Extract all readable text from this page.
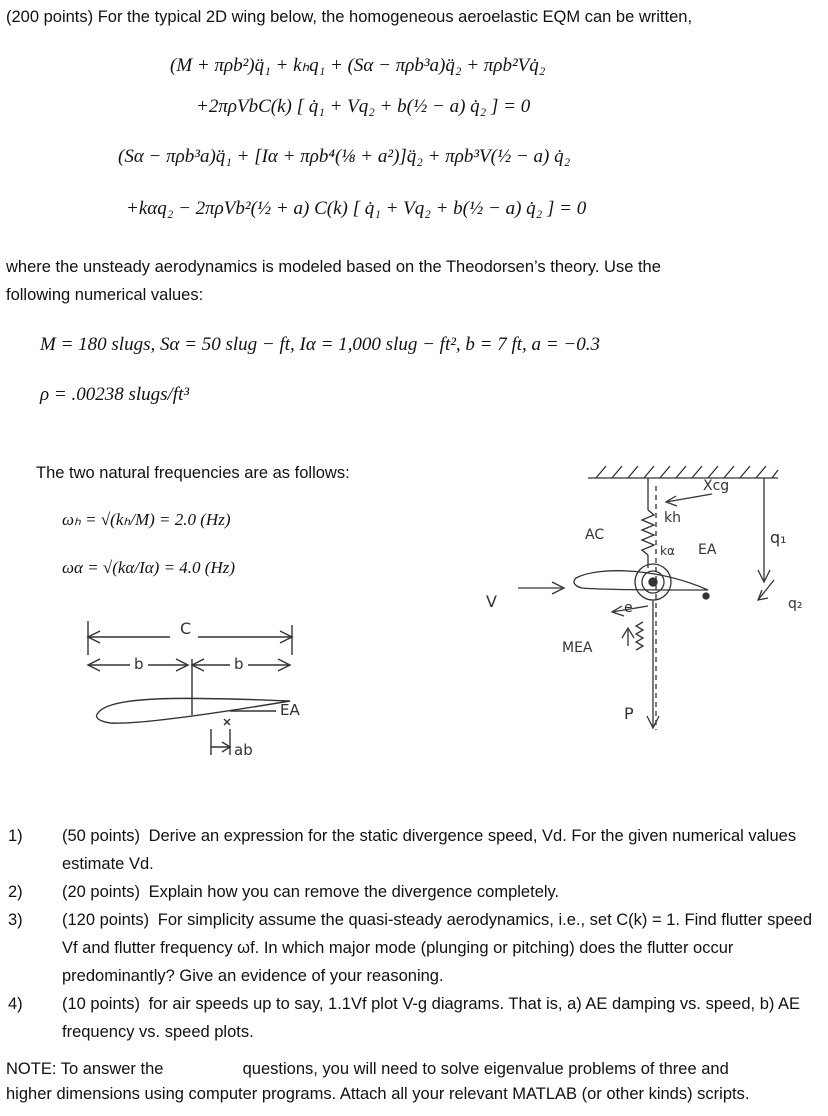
(200 points) For the typical 2D wing below, the homogeneous aeroelastic EQM can be written,
(M + πρb²)q̈₁ + kₕq₁ + (Sα − πρb³a)q̈₂ + πρb²Vq̇₂
+2πρVbC(k) [ q̇₁ + Vq₂ + b(½ − a) q̇₂ ] = 0
(Sα − πρb³a)q̈₁ + [Iα + πρb⁴(⅛ + a²)]q̈₂ + πρb³V(½ − a) q̇₂
+kαq₂ − 2πρVb²(½ + a) C(k) [ q̇₁ + Vq₂ + b(½ − a) q̇₂ ] = 0
where the unsteady aerodynamics is modeled based on the Theodorsen’s theory. Use the
following numerical values:
M = 180 slugs, Sα = 50 slug − ft, Iα = 1,000 slug − ft², b = 7 ft, a = −0.3
ρ = .00238 slugs/ft³
The two natural frequencies are as follows:
ωₕ = √(kₕ/M) = 2.0 (Hz)
ωα = √(kα/Iα) = 4.0 (Hz)
C
b	b
EA
ab
Xcg
kh
kα EA
AC
V	e
q₁
q₂
MEA
P
1) (50 points) Derive an expression for the static divergence speed, Vd. For the given numerical values estimate Vd.
2) (20 points) Explain how you can remove the divergence completely.
3) (120 points) For simplicity assume the quasi-steady aerodynamics, i.e., set C(k) = 1. Find flutter speed Vf and flutter frequency ωf. In which major mode (plunging or pitching) does the flutter occur predominantly? Give an evidence of your reasoning.
4) (10 points) for air speeds up to say, 1.1Vf plot V-g diagrams. That is, a) AE damping vs. speed, b) AE frequency vs. speed plots.
NOTE: To answer the	questions, you will need to solve eigenvalue problems of three and
higher dimensions using computer programs. Attach all your relevant MATLAB (or other kinds) scripts.
